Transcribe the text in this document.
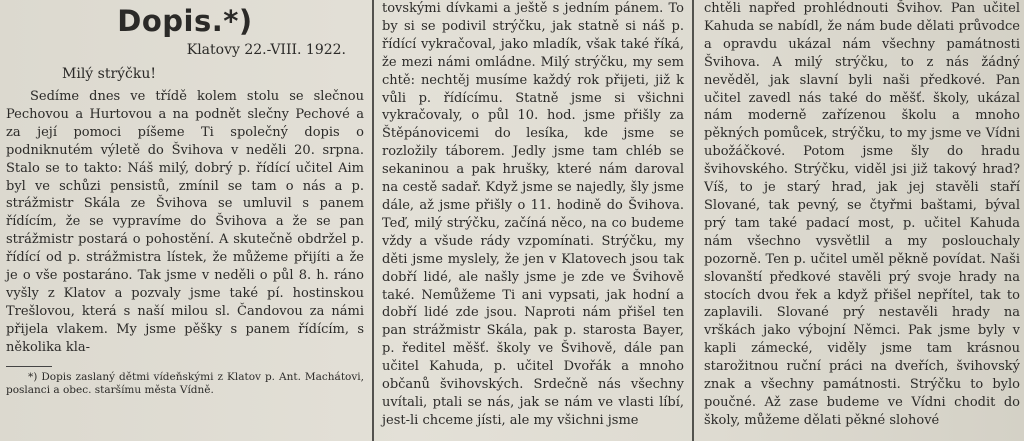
Dopis.*)

Klatovy 22.-VIII. 1922.

Milý strýčku!

Sedíme dnes ve třídě kolem stolu se slečnou Pechovou a Hurtovou a na podnět slečny Pechové a za její pomoci píšeme Ti společný dopis o podniknutém výletě do Švihova v neděli 20. srpna. Stalo se to takto: Náš milý, dobrý p. řídící učitel Aim byl ve schůzi pensistů, zmínil se tam o nás a p. strážmistr Skála ze Švihova se umluvil s panem řídícím, že se vypravíme do Švihova a že se pan strážmistr postará o pohostění. A skutečně obdržel p. řídící od p. strážmistra lístek, že můžeme přijíti a že je o vše postaráno. Tak jsme v neděli o půl 8. h. ráno vyšly z Klatov a pozvaly jsme také pí. hostinskou Trešlovou, která s naší milou sl. Čandovou za námi přijela vlakem. My jsme pěšky s panem řídícím, s několika kla-

*) Dopis zaslaný dětmi vídeňskými z Klatov p. Ant. Machátovi, poslanci a obec. staršímu města Vídně.

tovskými dívkami a ještě s jedním pánem. To by si se podivil strýčku, jak statně si náš p. řídící vykračoval, jako mladík, však také říká, že mezi námi omládne. Milý strýčku, my sem chtě: nechtěj musíme každý rok přijeti, již k vůli p. řídícímu. Statně jsme si všichni vykračovaly, o půl 10. hod. jsme přišly za Štěpánovicemi do lesíka, kde jsme se rozložily táborem. Jedly jsme tam chléb se sekaninou a pak hrušky, které nám daroval na cestě sadař. Když jsme se najedly, šly jsme dále, až jsme přišly o 11. hodině do Švihova. Teď, milý strýčku, začíná něco, na co budeme vždy a všude rády vzpomínati. Strýčku, my děti jsme myslely, že jen v Klatovech jsou tak dobří lidé, ale našly jsme je zde ve Švihově také. Nemůžeme Ti ani vypsati, jak hodní a dobří lidé zde jsou. Naproti nám přišel ten pan strážmistr Skála, pak p. starosta Bayer, p. ředitel měšť. školy ve Švihově, dále pan učitel Kahuda, p. učitel Dvořák a mnoho občanů švihovských. Srdečně nás všechny uvítali, ptali se nás, jak se nám ve vlasti líbí, jest-li chceme jísti, ale my všichni jsme

chtěli napřed prohlédnouti Švihov. Pan učitel Kahuda se nabídl, že nám bude dělati průvodce a opravdu ukázal nám všechny památnosti Švihova. A milý strýčku, to z nás žádný nevěděl, jak slavní byli naši předkové. Pan učitel zavedl nás také do měšť. školy, ukázal nám moderně zařízenou školu a mnoho pěkných pomůcek, strýčku, to my jsme ve Vídni ubožáčkové. Potom jsme šly do hradu švihovského. Strýčku, viděl jsi již takový hrad? Víš, to je starý hrad, jak jej stavěli staří Slované, tak pevný, se čtyřmi baštami, býval prý tam také padací most, p. učitel Kahuda nám všechno vysvětlil a my poslouchaly pozorně. Ten p. učitel uměl pěkně povídat. Naši slovanští předkové stavěli prý svoje hrady na stocích dvou řek a když přišel nepřítel, tak to zaplavili. Slované prý nestavěli hrady na vrškách jako výbojní Němci. Pak jsme byly v kapli zámecké, viděly jsme tam krásnou starožitnou ruční práci na dveřích, švihovský znak a všechny památnosti. Strýčku to bylo poučné. Až zase budeme ve Vídni chodit do školy, můžeme dělati pěkné slohové
